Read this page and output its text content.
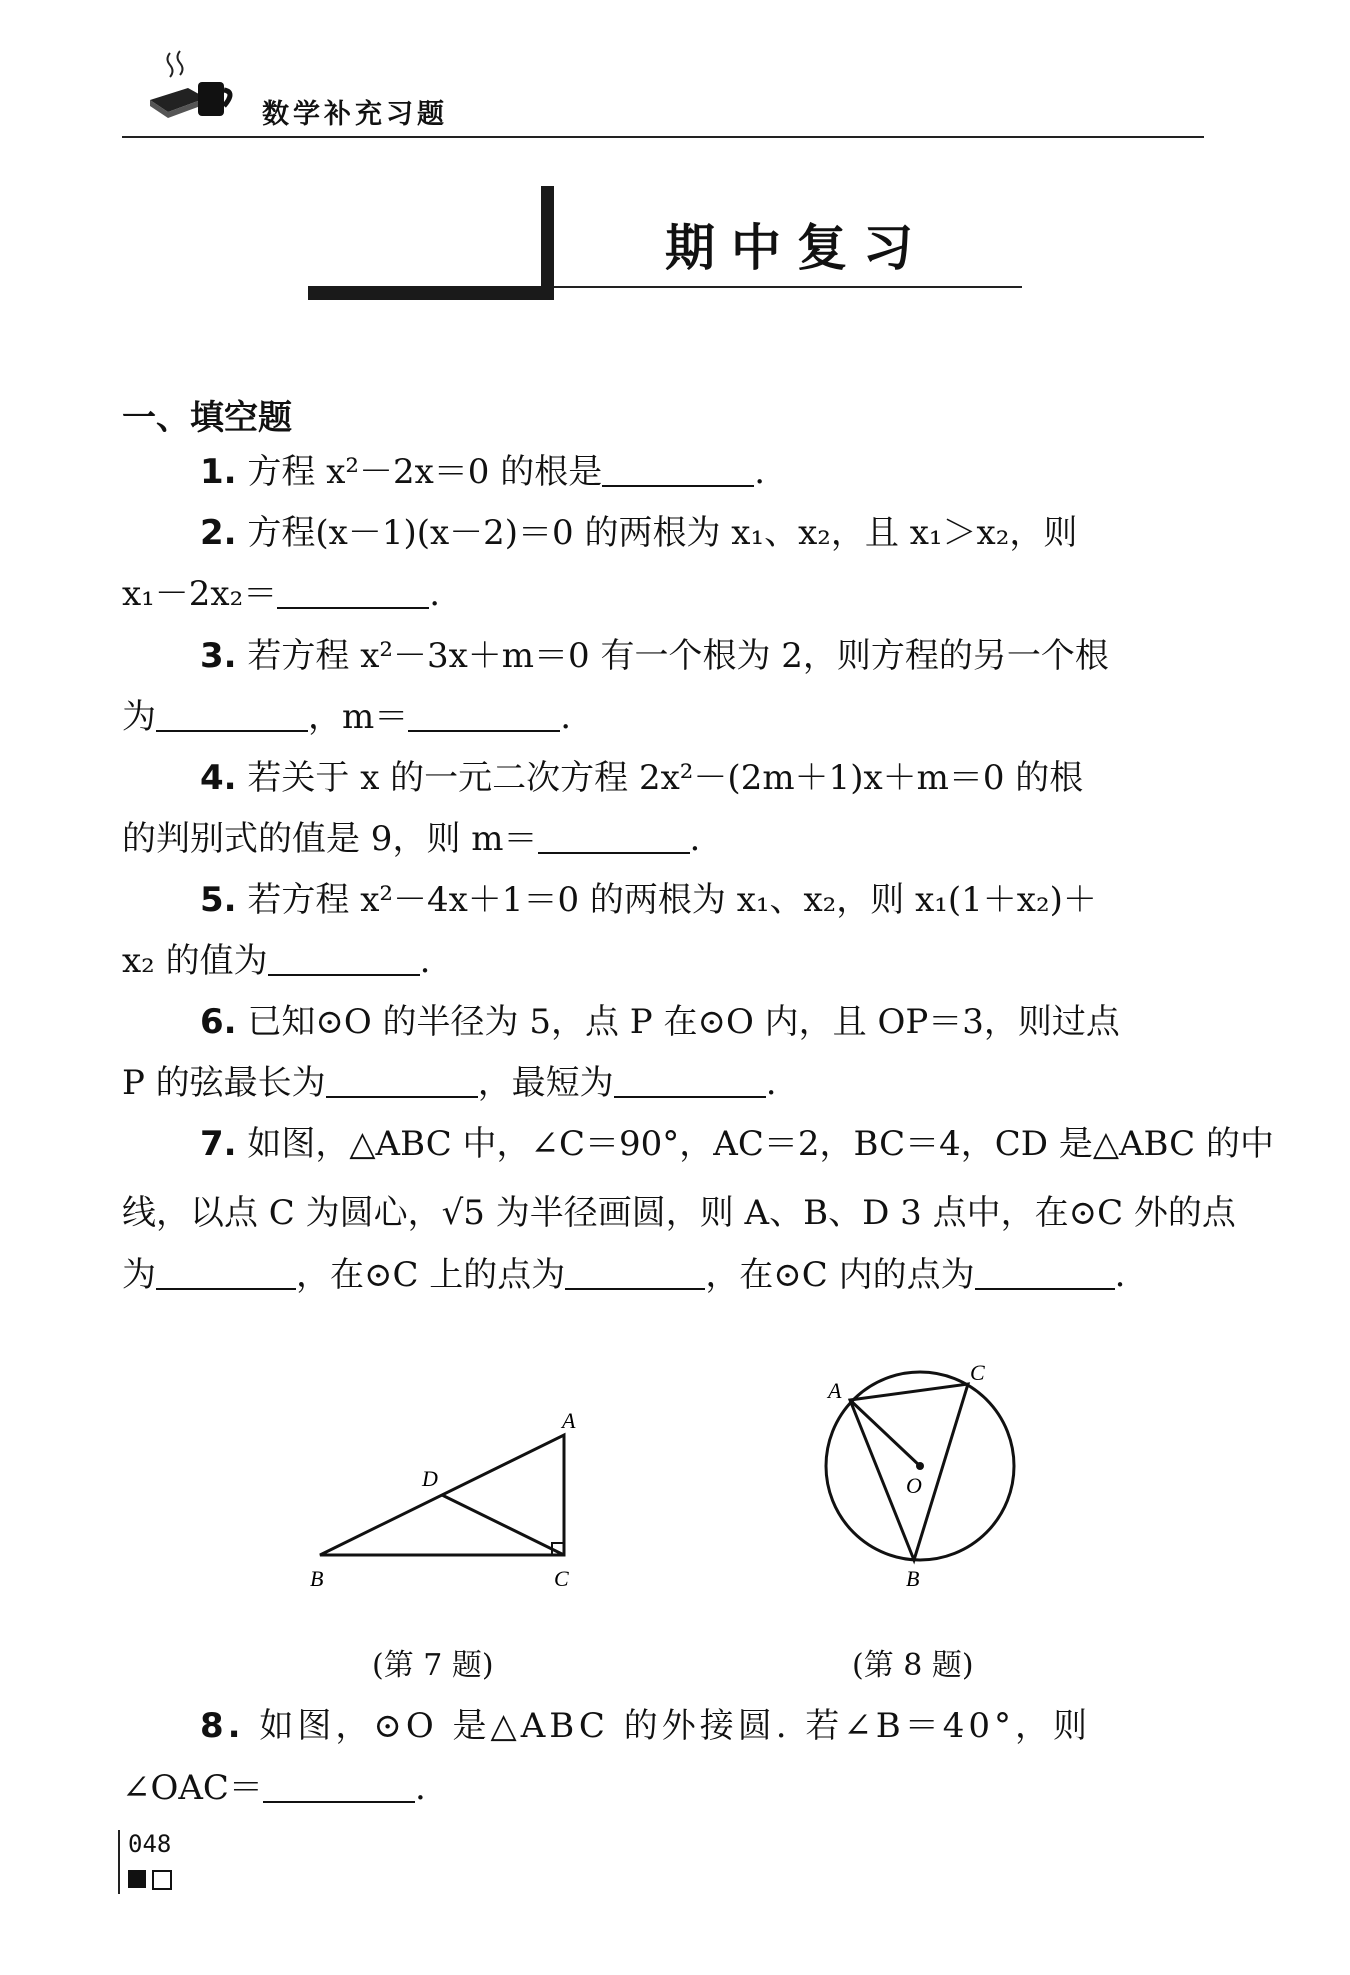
数学补充习题
期中复习
一、填空题
1. 方程 x²－2x＝0 的根是	.
2. 方程(x－1)(x－2)＝0 的两根为 x₁、x₂，且 x₁＞x₂，则
x₁－2x₂＝	.
3. 若方程 x²－3x＋m＝0 有一个根为 2，则方程的另一个根
为	，m＝	.
4. 若关于 x 的一元二次方程 2x²－(2m＋1)x＋m＝0 的根
的判别式的值是 9，则 m＝	.
5. 若方程 x²－4x＋1＝0 的两根为 x₁、x₂，则 x₁(1＋x₂)＋
x₂ 的值为	.
6. 已知⊙O 的半径为 5，点 P 在⊙O 内，且 OP＝3，则过点
P 的弦最长为	，最短为	.
7. 如图，△ABC 中，∠C＝90°，AC＝2，BC＝4，CD 是△ABC 的中
线，以点 C 为圆心，√5 为半径画圆，则 A、B、D 3 点中，在⊙C 外的点
为	，在⊙C 上的点为	，在⊙C 内的点为	.
A
B	C
D
(第 7 题)
A
C
B
O
(第 8 题)
8. 如图，⊙O 是△ABC 的外接圆. 若∠B＝40°，则
∠OAC＝	.
048
